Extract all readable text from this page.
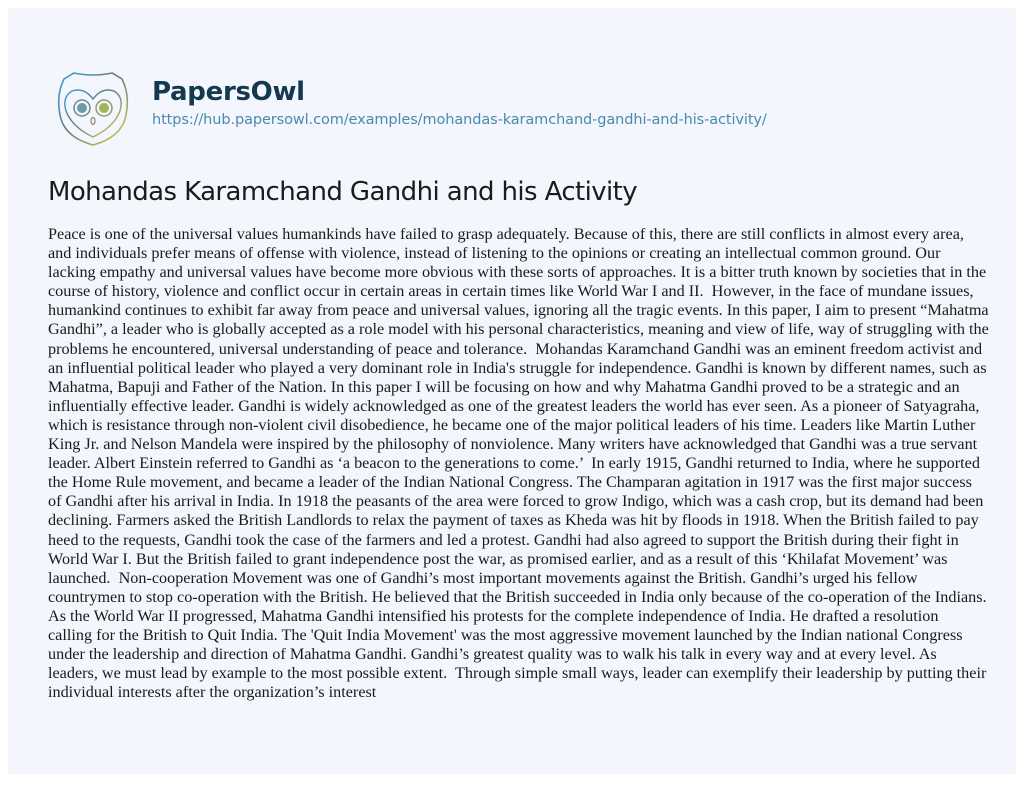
PapersOwl
https://hub.papersowl.com/examples/mohandas-karamchand-gandhi-and-his-activity/
Mohandas Karamchand Gandhi and his Activity
Peace is one of the universal values humankinds have failed to grasp adequately. Because of this, there are still conflicts in almost every area,
and individuals prefer means of offense with violence, instead of listening to the opinions or creating an intellectual common ground. Our
lacking empathy and universal values have become more obvious with these sorts of approaches. It is a bitter truth known by societies that in the
course of history, violence and conflict occur in certain areas in certain times like World War I and II.  However, in the face of mundane issues,
humankind continues to exhibit far away from peace and universal values, ignoring all the tragic events. In this paper, I aim to present “Mahatma
Gandhi”, a leader who is globally accepted as a role model with his personal characteristics, meaning and view of life, way of struggling with the
problems he encountered, universal understanding of peace and tolerance.  Mohandas Karamchand Gandhi was an eminent freedom activist and
an influential political leader who played a very dominant role in India's struggle for independence. Gandhi is known by different names, such as
Mahatma, Bapuji and Father of the Nation. In this paper I will be focusing on how and why Mahatma Gandhi proved to be a strategic and an
influentially effective leader. Gandhi is widely acknowledged as one of the greatest leaders the world has ever seen. As a pioneer of Satyagraha,
which is resistance through non-violent civil disobedience, he became one of the major political leaders of his time. Leaders like Martin Luther
King Jr. and Nelson Mandela were inspired by the philosophy of nonviolence. Many writers have acknowledged that Gandhi was a true servant
leader. Albert Einstein referred to Gandhi as ‘a beacon to the generations to come.’  In early 1915, Gandhi returned to India, where he supported
the Home Rule movement, and became a leader of the Indian National Congress. The Champaran agitation in 1917 was the first major success
of Gandhi after his arrival in India. In 1918 the peasants of the area were forced to grow Indigo, which was a cash crop, but its demand had been
declining. Farmers asked the British Landlords to relax the payment of taxes as Kheda was hit by floods in 1918. When the British failed to pay
heed to the requests, Gandhi took the case of the farmers and led a protest. Gandhi had also agreed to support the British during their fight in
World War I. But the British failed to grant independence post the war, as promised earlier, and as a result of this ‘Khilafat Movement’ was
launched.  Non-cooperation Movement was one of Gandhi’s most important movements against the British. Gandhi’s urged his fellow
countrymen to stop co-operation with the British. He believed that the British succeeded in India only because of the co-operation of the Indians.
As the World War II progressed, Mahatma Gandhi intensified his protests for the complete independence of India. He drafted a resolution
calling for the British to Quit India. The 'Quit India Movement' was the most aggressive movement launched by the Indian national Congress
under the leadership and direction of Mahatma Gandhi. Gandhi’s greatest quality was to walk his talk in every way and at every level. As
leaders, we must lead by example to the most possible extent.  Through simple small ways, leader can exemplify their leadership by putting their
individual interests after the organization’s interest
